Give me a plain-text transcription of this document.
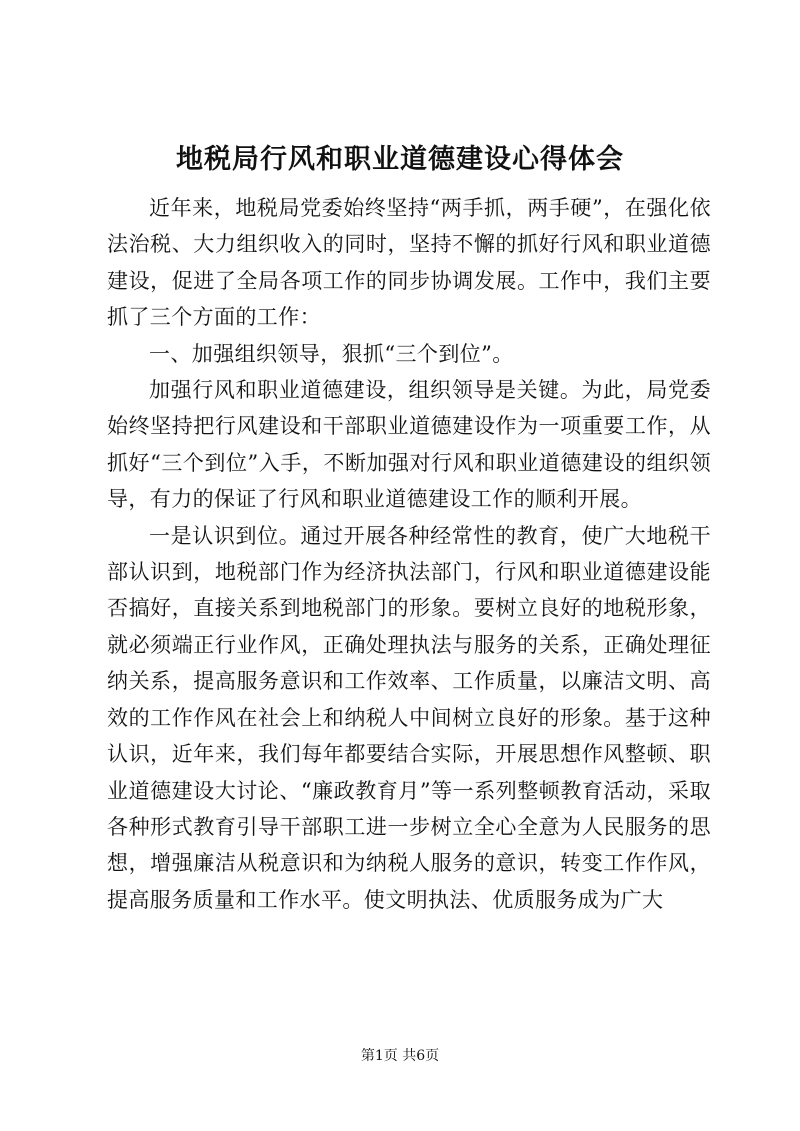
地税局行风和职业道德建设心得体会

近年来，地税局党委始终坚持“两手抓，两手硬”，在强化依法治税、大力组织收入的同时，坚持不懈的抓好行风和职业道德建设，促进了全局各项工作的同步协调发展。工作中，我们主要抓了三个方面的工作：

一、加强组织领导，狠抓“三个到位”。

加强行风和职业道德建设，组织领导是关键。为此，局党委始终坚持把行风建设和干部职业道德建设作为一项重要工作，从抓好“三个到位”入手，不断加强对行风和职业道德建设的组织领导，有力的保证了行风和职业道德建设工作的顺利开展。

一是认识到位。通过开展各种经常性的教育，使广大地税干部认识到，地税部门作为经济执法部门，行风和职业道德建设能否搞好，直接关系到地税部门的形象。要树立良好的地税形象，就必须端正行业作风，正确处理执法与服务的关系，正确处理征纳关系，提高服务意识和工作效率、工作质量，以廉洁文明、高效的工作作风在社会上和纳税人中间树立良好的形象。基于这种认识，近年来，我们每年都要结合实际，开展思想作风整顿、职业道德建设大讨论、“廉政教育月”等一系列整顿教育活动，采取各种形式教育引导干部职工进一步树立全心全意为人民服务的思想，增强廉洁从税意识和为纳税人服务的意识，转变工作作风，提高服务质量和工作水平。使文明执法、优质服务成为广大

第1页 共6页
